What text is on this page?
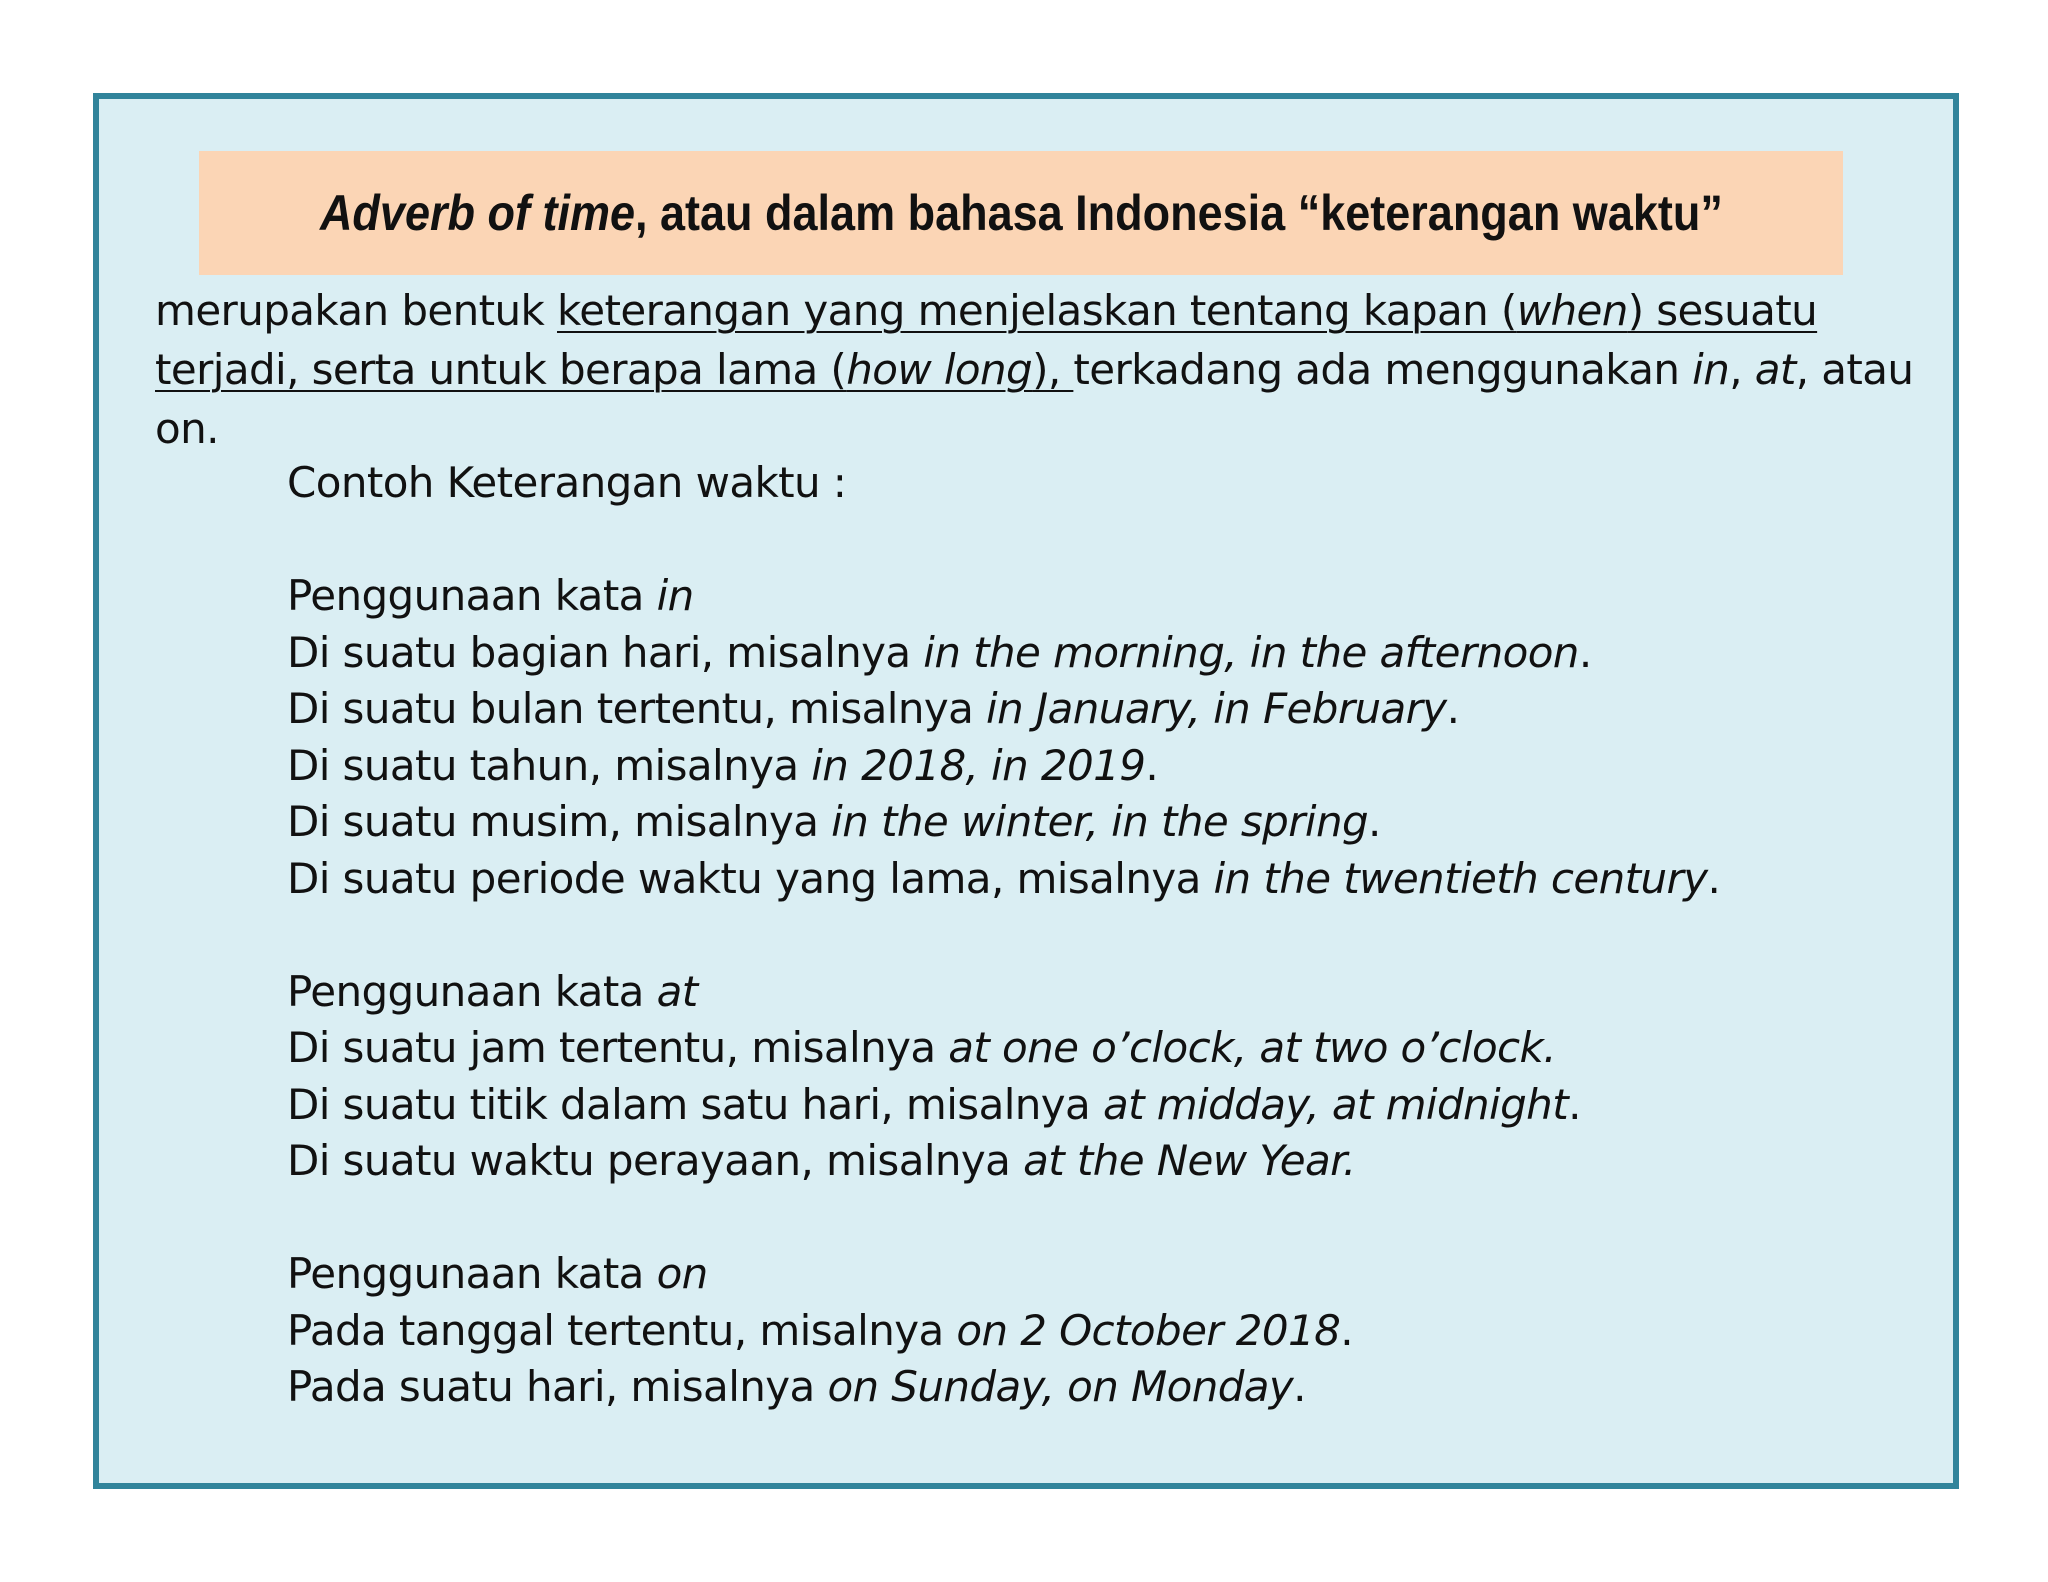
Adverb of time, atau dalam bahasa Indonesia “keterangan waktu”
merupakan bentuk keterangan yang menjelaskan tentang kapan (when) sesuatu
terjadi, serta untuk berapa lama (how long), terkadang ada menggunakan in, at, atau
on.
Contoh Keterangan waktu :
Penggunaan kata in
Di suatu bagian hari, misalnya in the morning, in the afternoon.
Di suatu bulan tertentu, misalnya in January, in February.
Di suatu tahun, misalnya in 2018, in 2019.
Di suatu musim, misalnya in the winter, in the spring.
Di suatu periode waktu yang lama, misalnya in the twentieth century.
Penggunaan kata at
Di suatu jam tertentu, misalnya at one o’clock, at two o’clock.
Di suatu titik dalam satu hari, misalnya at midday, at midnight.
Di suatu waktu perayaan, misalnya at the New Year.
Penggunaan kata on
Pada tanggal tertentu, misalnya on 2 October 2018.
Pada suatu hari, misalnya on Sunday, on Monday.
